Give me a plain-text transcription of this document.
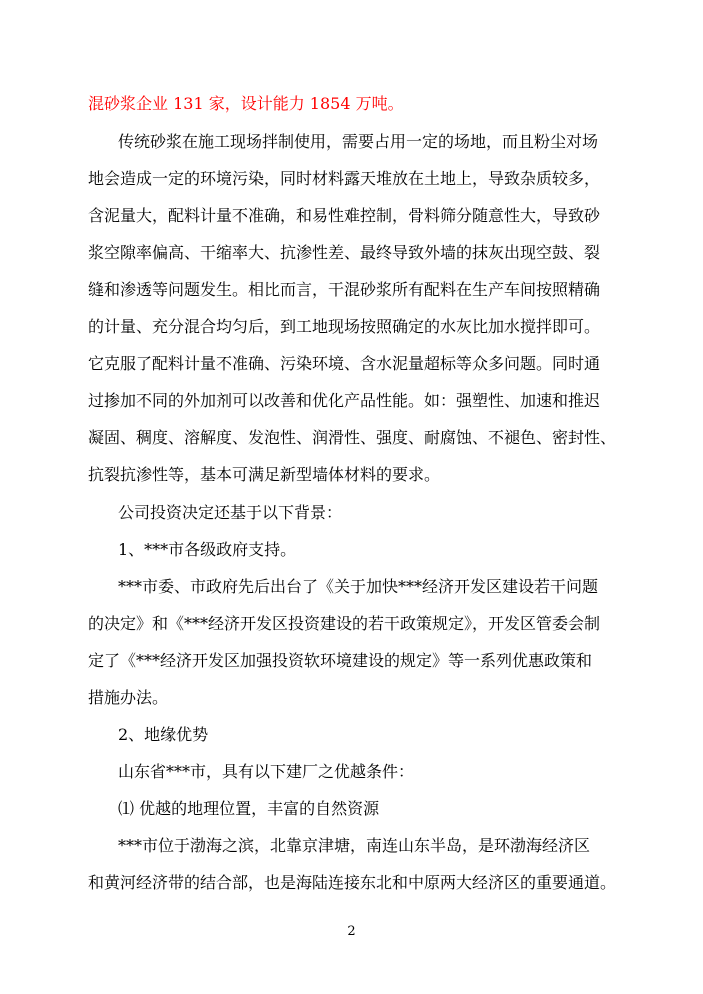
混砂浆企业 131 家，设计能力 1854 万吨。
传统砂浆在施工现场拌制使用，需要占用一定的场地，而且粉尘对场
地会造成一定的环境污染，同时材料露天堆放在土地上，导致杂质较多，
含泥量大，配料计量不准确，和易性难控制，骨料筛分随意性大，导致砂
浆空隙率偏高、干缩率大、抗渗性差、最终导致外墙的抹灰出现空鼓、裂
缝和渗透等问题发生。相比而言，干混砂浆所有配料在生产车间按照精确
的计量、充分混合均匀后，到工地现场按照确定的水灰比加水搅拌即可。
它克服了配料计量不准确、污染环境、含水泥量超标等众多问题。同时通
过掺加不同的外加剂可以改善和优化产品性能。如：强塑性、加速和推迟
凝固、稠度、溶解度、发泡性、润滑性、强度、耐腐蚀、不褪色、密封性、
抗裂抗渗性等，基本可满足新型墙体材料的要求。
公司投资决定还基于以下背景：
1、***市各级政府支持。
***市委、市政府先后出台了《关于加快***经济开发区建设若干问题
的决定》和《***经济开发区投资建设的若干政策规定》，开发区管委会制
定了《***经济开发区加强投资软环境建设的规定》等一系列优惠政策和
措施办法。
2、地缘优势
山东省***市，具有以下建厂之优越条件：
⑴ 优越的地理位置，丰富的自然资源
***市位于渤海之滨，北靠京津塘，南连山东半岛，是环渤海经济区
和黄河经济带的结合部，也是海陆连接东北和中原两大经济区的重要通道。
2
